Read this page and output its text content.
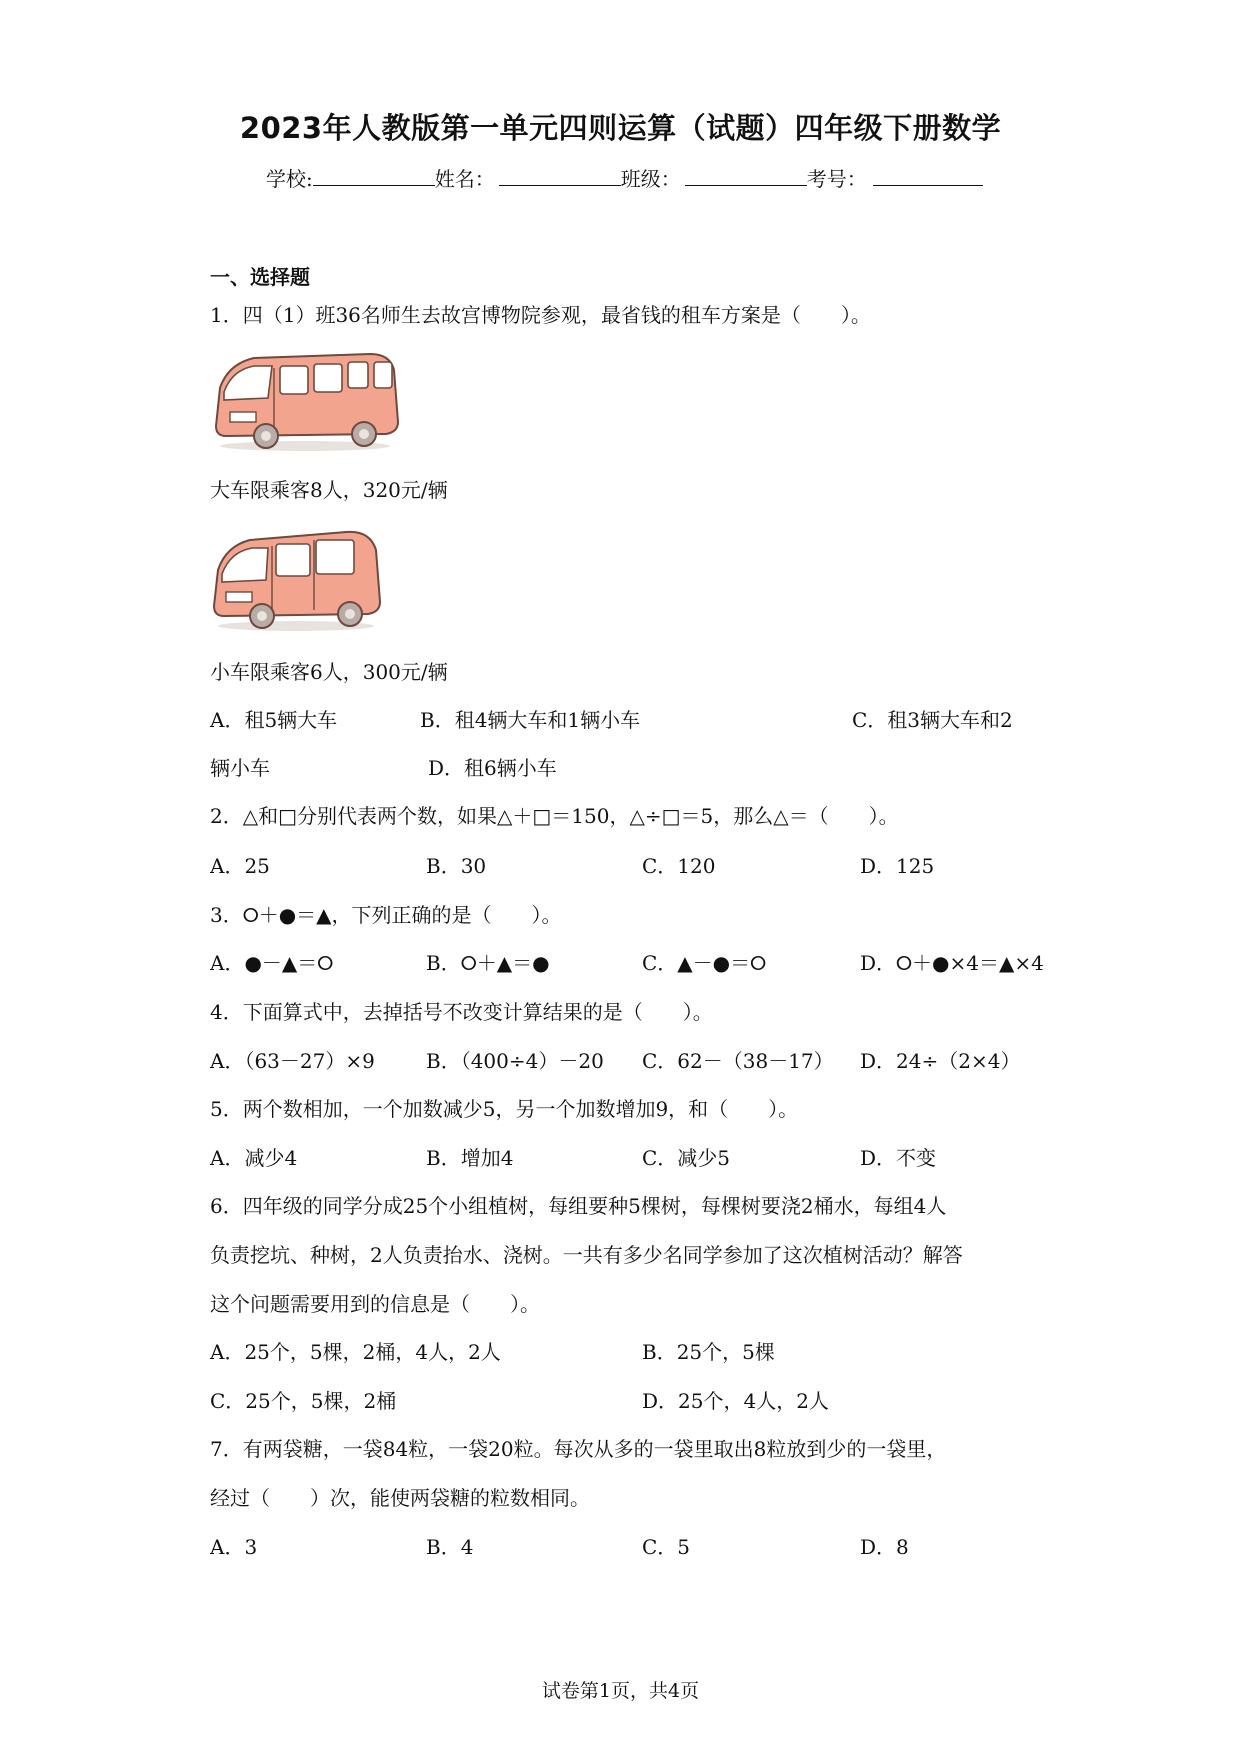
2023年人教版第一单元四则运算（试题）四年级下册数学
学校:	姓名：	班级：	考号：
一、选择题
1．四（1）班36名师生去故宫博物院参观，最省钱的租车方案是（　　）。
大车限乘客8人，320元/辆
小车限乘客6人，300元/辆
A．租5辆大车	B．租4辆大车和1辆小车	C．租3辆大车和2
辆小车	D．租6辆小车
2．△和□分别代表两个数，如果△＋□＝150，△÷□＝5，那么△＝（　　）。
A．25	B．30	C．120	D．125
3．⭘＋●＝▲，下列正确的是（　　）。
A．●－▲＝⭘	B．⭘＋▲＝●	C．▲－●＝⭘	D．⭘＋●×4＝▲×4
4．下面算式中，去掉括号不改变计算结果的是（　　）。
A．（63－27）×9	B．（400÷4）－20 C．62－（38－17） D．24÷（2×4）
5．两个数相加，一个加数减少5，另一个加数增加9，和（　　）。
A．减少4	B．增加4	C．减少5	D．不变
6．四年级的同学分成25个小组植树，每组要种5棵树，每棵树要浇2桶水，每组4人
负责挖坑、种树，2人负责抬水、浇树。一共有多少名同学参加了这次植树活动？解答
这个问题需要用到的信息是（　　）。
A．25个，5棵，2桶，4人，2人	B．25个，5棵
C．25个，5棵，2桶	D．25个，4人，2人
7．有两袋糖，一袋84粒，一袋20粒。每次从多的一袋里取出8粒放到少的一袋里，
经过（　　）次，能使两袋糖的粒数相同。
A．3	B．4	C．5	D．8
试卷第1页，共4页
